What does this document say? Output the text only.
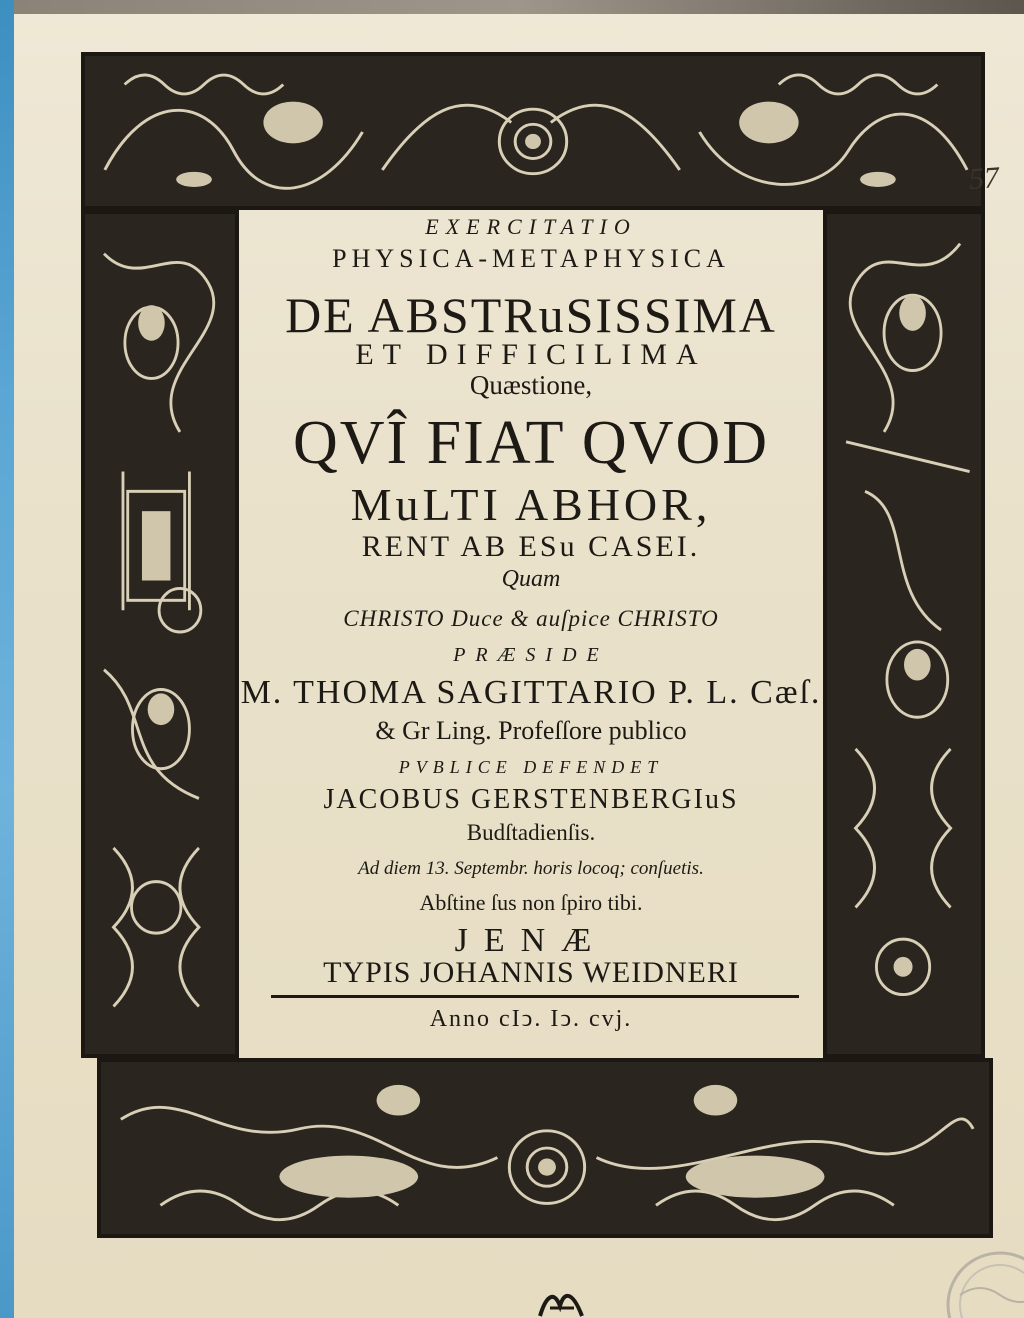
EXERCITATIO
PHYSICA-METAPHYSICA
DE ABSTRuSISSIMA
ET DIFFICILIMA
Quæstione,
QVÎ FIAT QVOD
MuLTI ABHOR,
RENT AB ESu CASEI.
Quam
CHRISTO Duce & auſpice CHRISTO
PRÆSIDE
M. THOMA SAGITTARIO P. L. Cæſ.
& Gr Ling. Profeſſore publico
PVBLICE DEFENDET
JACOBUS GERSTENBERGIuS
Budſtadienſis.
Ad diem 13. Septembr. horis locoq; conſuetis.
Abſtine ſus non ſpiro tibi.
JENÆ
TYPIS JOHANNIS WEIDNERI
Anno cIↄ. Iↄ. cvj.
57
